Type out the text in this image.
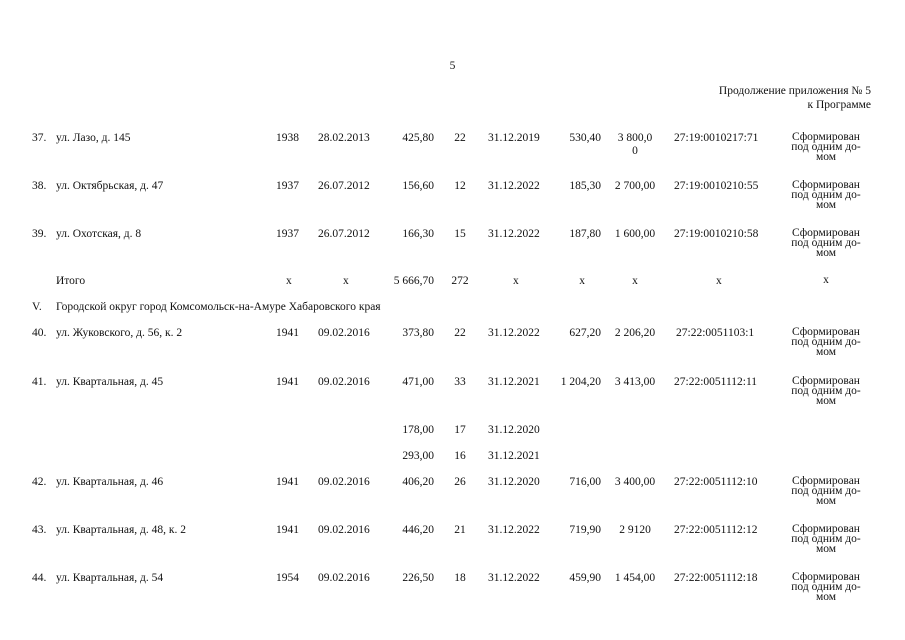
5
Продолжение приложения № 5
к Программе
37. ул. Лазо, д. 145	1938 28.02.2013	425,80	22	31.12.2019	530,40	3 800,0
0
27:19:0010217:71	Сформирован
под одним до-
мом
38. ул. Октябрьская, д. 47	1937 26.07.2012	156,60	12	31.12.2022	185,30	2 700,00	27:19:0010210:55	Сформирован
под одним до-
мом
39. ул. Охотская, д. 8	1937 26.07.2012	166,30	15	31.12.2022	187,80	1 600,00	27:19:0010210:58	Сформирован
под одним до-
мом
Итого	х	х	5 666,70	272	х	х	х	х	х
V. Городской округ город Комсомольск-на-Амуре Хабаровского края
40. ул. Жуковского, д. 56, к. 2	1941 09.02.2016	373,80	22	31.12.2022	627,20	2 206,20	27:22:0051103:1	Сформирован
под одним до-
мом
41. ул. Квартальная, д. 45	1941 09.02.2016	471,00	33	31.12.2021 1 204,20	3 413,00	27:22:0051112:11	Сформирован
под одним до-
мом
178,00	17	31.12.2020
293,00	16	31.12.2021
42. ул. Квартальная, д. 46	1941 09.02.2016	406,20	26	31.12.2020	716,00	3 400,00	27:22:0051112:10	Сформирован
под одним до-
мом
43. ул. Квартальная, д. 48, к. 2	1941 09.02.2016	446,20	21	31.12.2022	719,90	2 9120	27:22:0051112:12	Сформирован
под одним до-
мом
44. ул. Квартальная, д. 54	1954 09.02.2016	226,50	18	31.12.2022	459,90	1 454,00	27:22:0051112:18	Сформирован
под одним до-
мом
